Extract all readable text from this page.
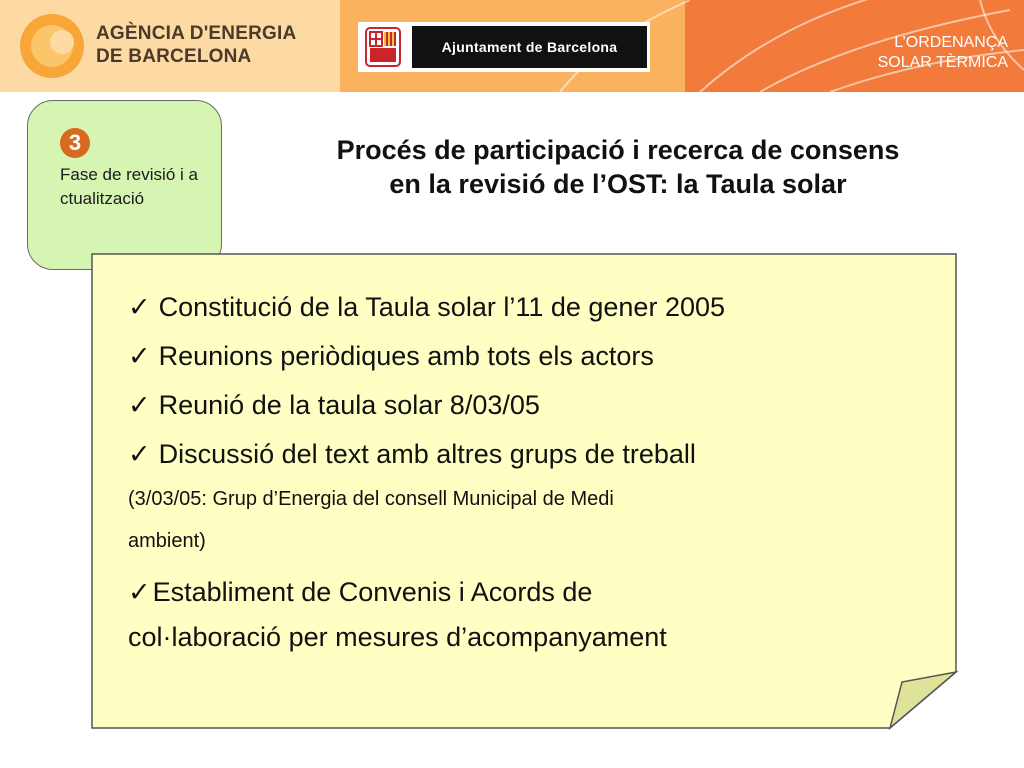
AGÈNCIA D'ENERGIA
DE BARCELONA	Ajuntament de Barcelona	L’ORDENANÇA
SOLAR TÈRMICA
3
Fase de revisió i actualització
Procés de participació i recerca de consens
en la revisió de l’OST: la Taula solar
✓ Constitució de la Taula solar l’11 de gener 2005
✓ Reunions periòdiques amb tots els actors
✓ Reunió de la taula solar 8/03/05
✓ Discussió del text amb altres grups de treball
(3/03/05: Grup d’Energia del consell Municipal de Medi
ambient)
✓Establiment de Convenis i Acords de
col·laboració per mesures d’acompanyament
